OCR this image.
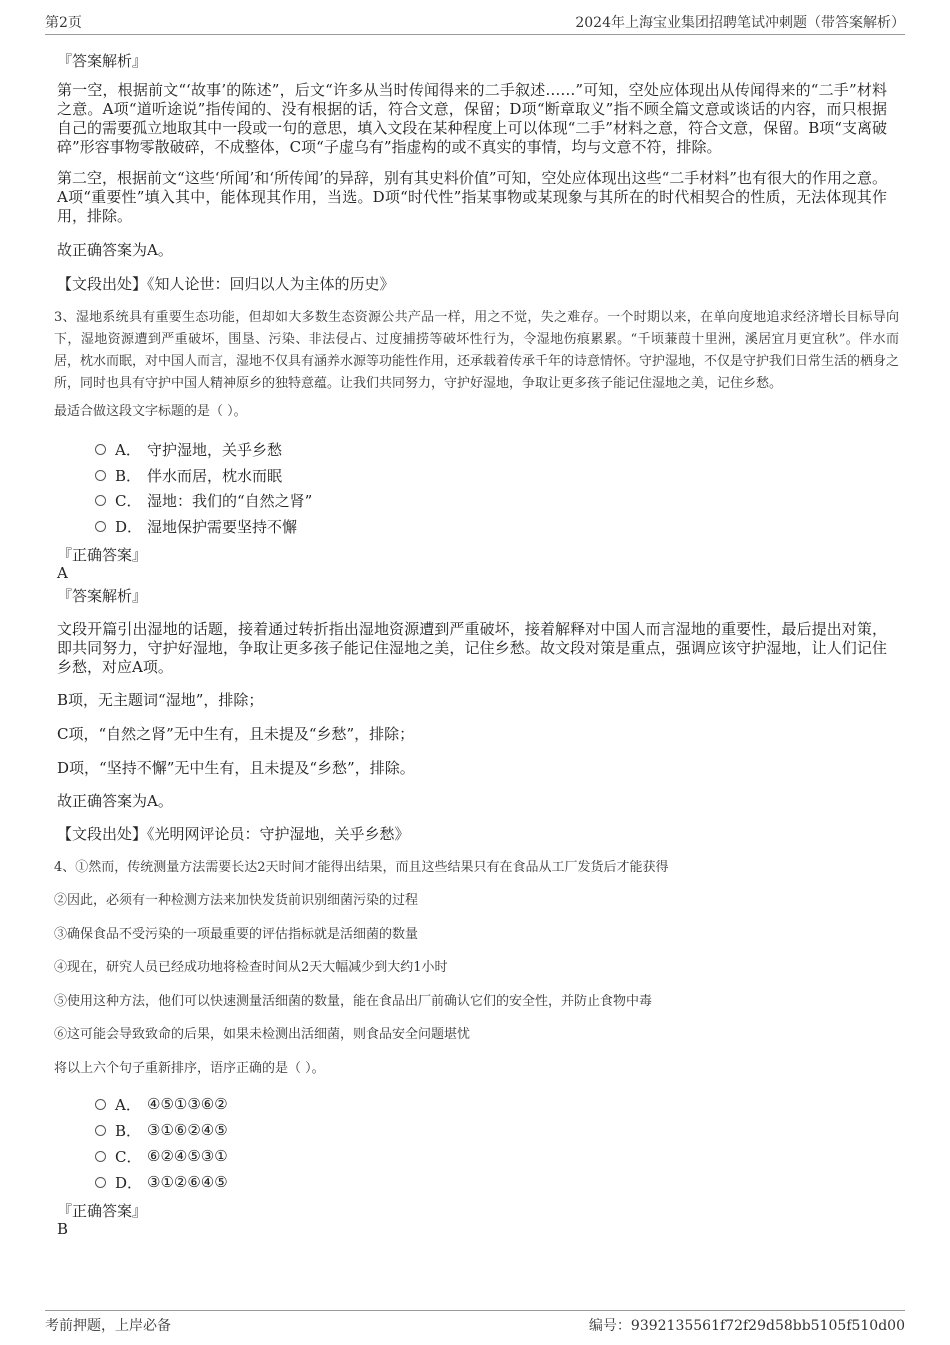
第2页	2024年上海宝业集团招聘笔试冲刺题（带答案解析）
『答案解析』
第一空，根据前文“‘故事’的陈述”，后文“许多从当时传闻得来的二手叙述……”可知，空处应体现出从传闻得来的“二手”材料之意。A项“道听途说”指传闻的、没有根据的话，符合文意，保留；D项“断章取义”指不顾全篇文意或谈话的内容，而只根据自己的需要孤立地取其中一段或一句的意思，填入文段在某种程度上可以体现“二手”材料之意，符合文意，保留。B项“支离破碎”形容事物零散破碎，不成整体，C项“子虚乌有”指虚构的或不真实的事情，均与文意不符，排除。
第二空，根据前文“这些‘所闻’和‘所传闻’的异辞，别有其史料价值”可知，空处应体现出这些“二手材料”也有很大的作用之意。A项“重要性”填入其中，能体现其作用，当选。D项“时代性”指某事物或某现象与其所在的时代相契合的性质，无法体现其作用，排除。
故正确答案为A。
【文段出处】《知人论世：回归以人为主体的历史》
3、湿地系统具有重要生态功能，但却如大多数生态资源公共产品一样，用之不觉，失之难存。一个时期以来，在单向度地追求经济增长目标导向下，湿地资源遭到严重破坏，围垦、污染、非法侵占、过度捕捞等破坏性行为，令湿地伤痕累累。“千顷蒹葭十里洲，溪居宜月更宜秋”。伴水而居，枕水而眠，对中国人而言，湿地不仅具有涵养水源等功能性作用，还承载着传承千年的诗意情怀。守护湿地，不仅是守护我们日常生活的栖身之所，同时也具有守护中国人精神原乡的独特意蕴。让我们共同努力，守护好湿地，争取让更多孩子能记住湿地之美，记住乡愁。
最适合做这段文字标题的是（ ）。
A． 守护湿地，关乎乡愁
B． 伴水而居，枕水而眠
C． 湿地：我们的“自然之肾”
D． 湿地保护需要坚持不懈
『正确答案』
A
『答案解析』
文段开篇引出湿地的话题，接着通过转折指出湿地资源遭到严重破坏，接着解释对中国人而言湿地的重要性，最后提出对策，即共同努力，守护好湿地，争取让更多孩子能记住湿地之美，记住乡愁。故文段对策是重点，强调应该守护湿地，让人们记住乡愁，对应A项。
B项，无主题词“湿地”，排除；
C项，“自然之肾”无中生有，且未提及“乡愁”，排除；
D项，“坚持不懈”无中生有，且未提及“乡愁”，排除。
故正确答案为A。
【文段出处】《光明网评论员：守护湿地，关乎乡愁》
4、①然而，传统测量方法需要长达2天时间才能得出结果，而且这些结果只有在食品从工厂发货后才能获得
②因此，必须有一种检测方法来加快发货前识别细菌污染的过程
③确保食品不受污染的一项最重要的评估指标就是活细菌的数量
④现在，研究人员已经成功地将检查时间从2天大幅减少到大约1小时
⑤使用这种方法，他们可以快速测量活细菌的数量，能在食品出厂前确认它们的安全性，并防止食物中毒
⑥这可能会导致致命的后果，如果未检测出活细菌，则食品安全问题堪忧
将以上六个句子重新排序，语序正确的是（ ）。
A． ④⑤①③⑥②
B． ③①⑥②④⑤
C． ⑥②④⑤③①
D． ③①②⑥④⑤
『正确答案』
B
考前押题，上岸必备	编号：9392135561f72f29d58bb5105f510d00
